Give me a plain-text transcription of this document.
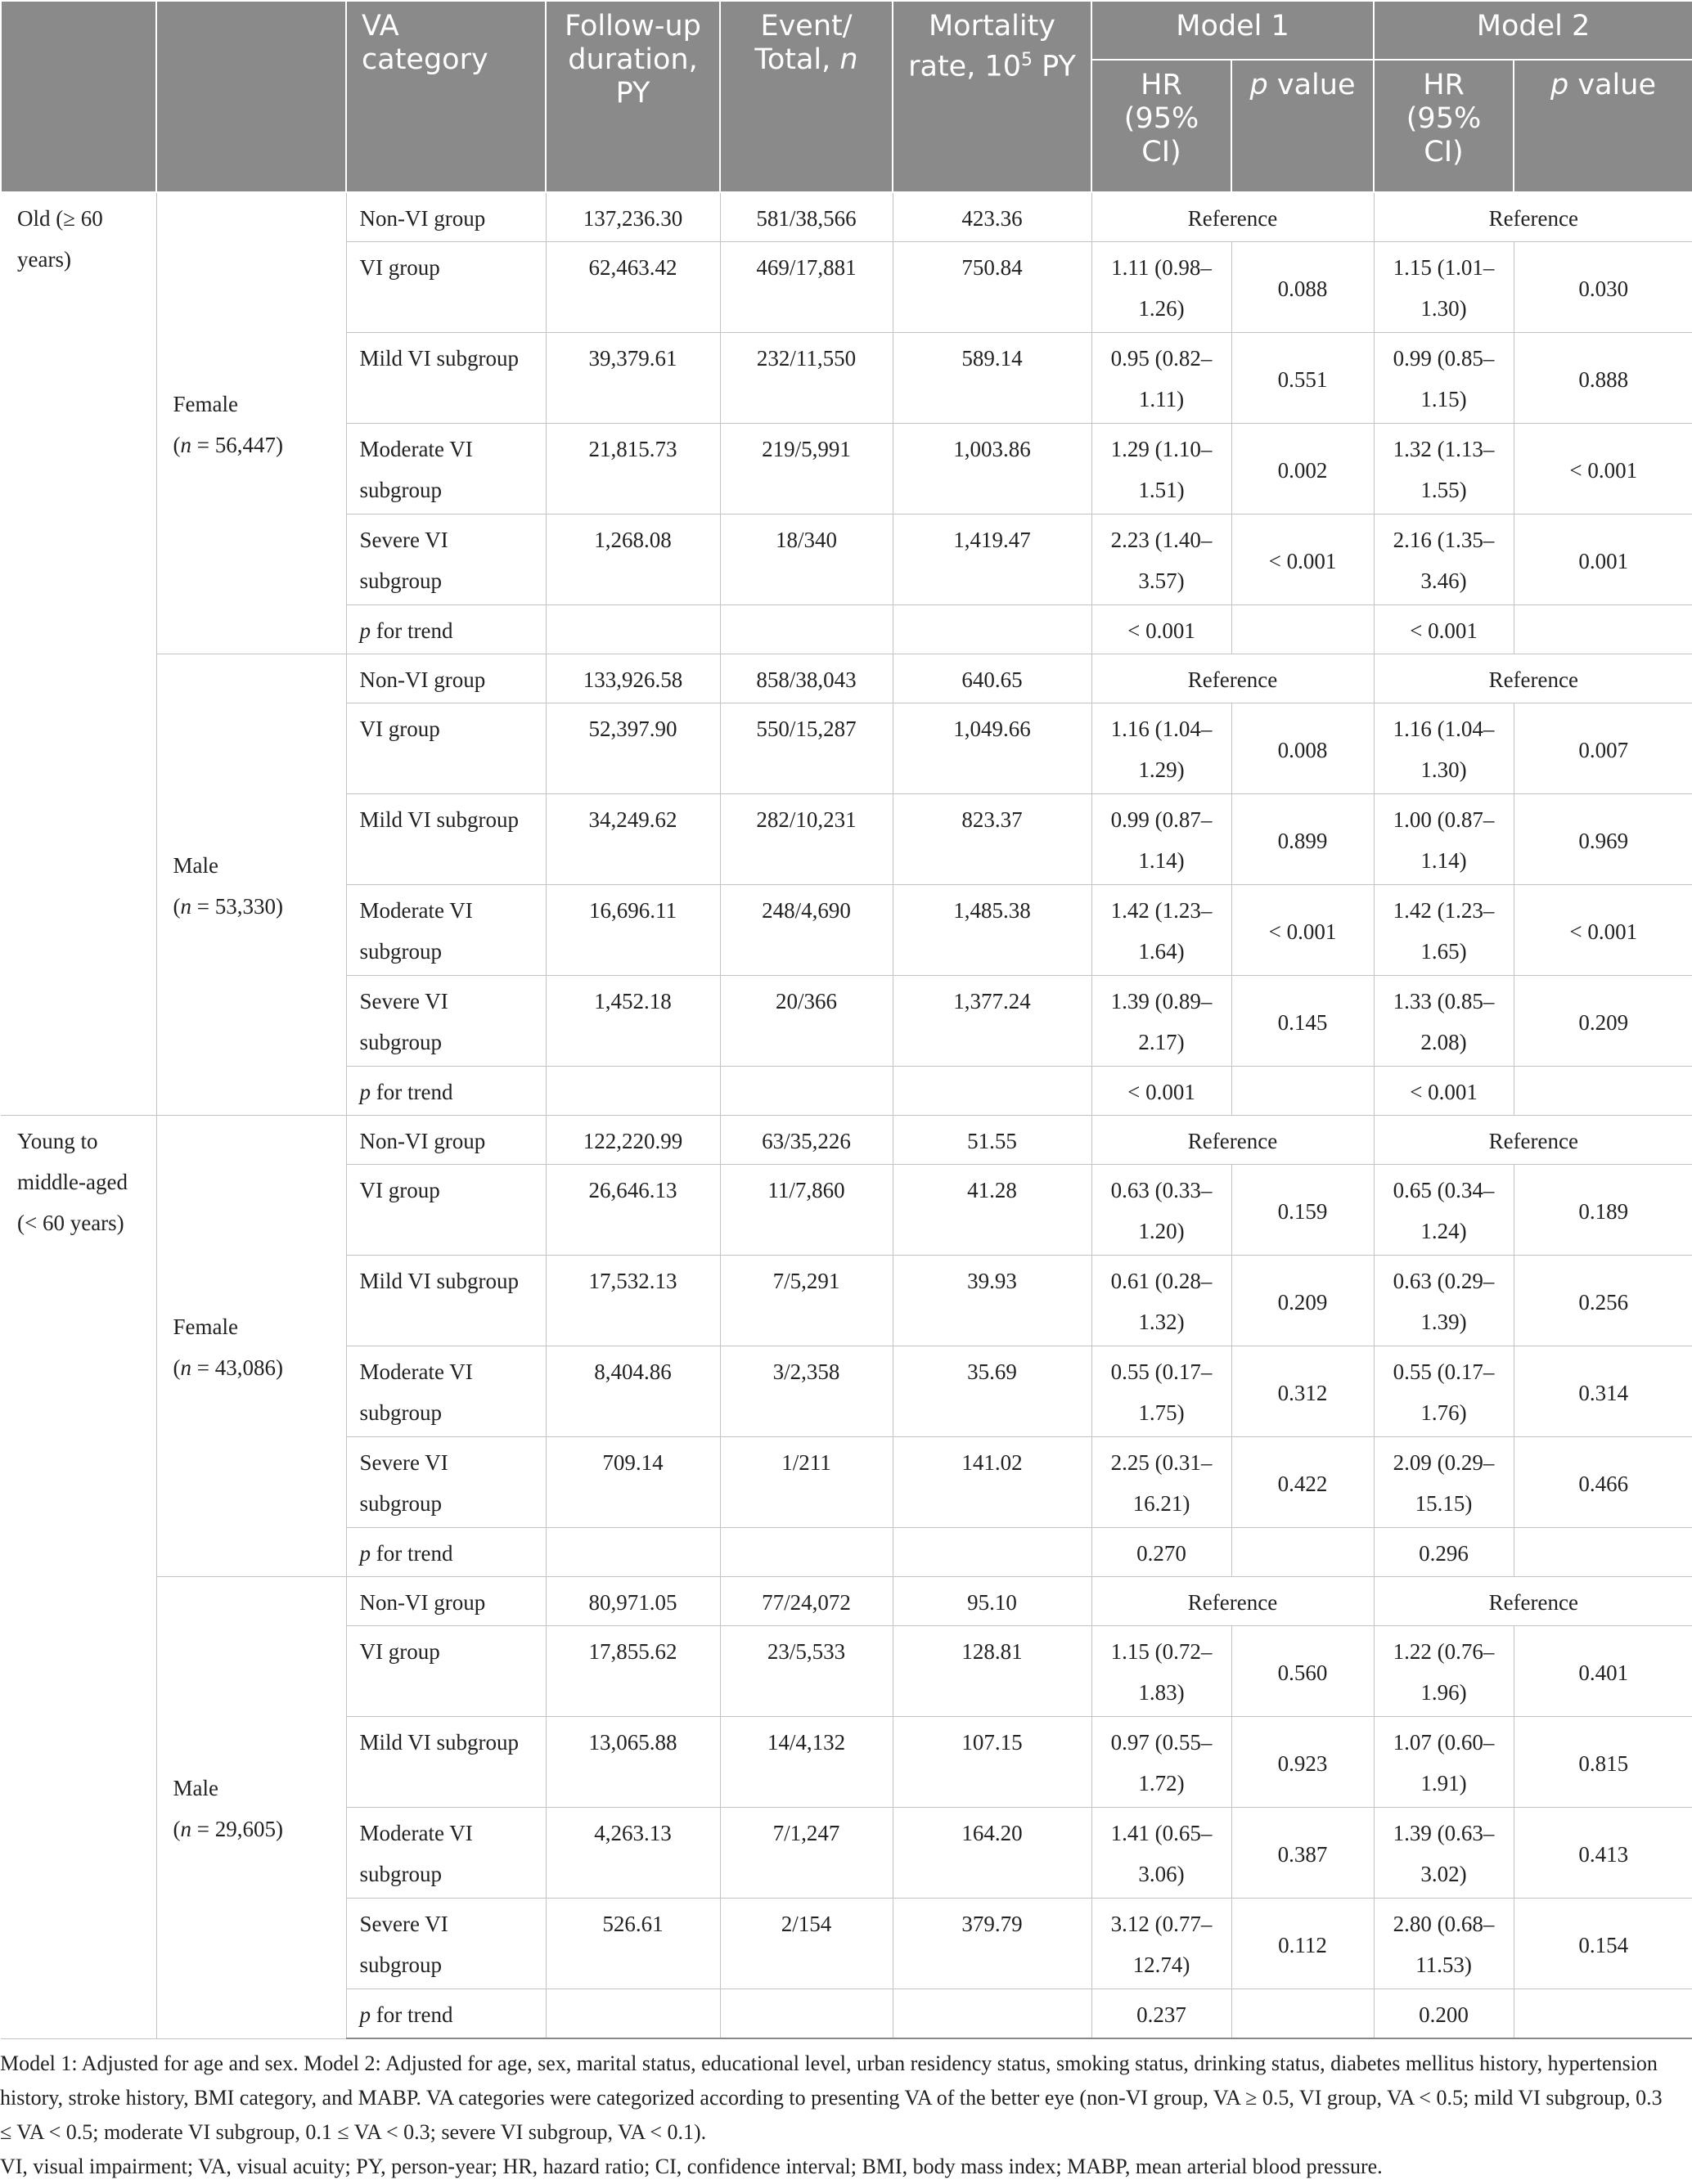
		VA category	Follow-up duration, PY	Event/ Total, n	Mortality rate, $10^5$ PY	Model 1		Model 2	
						HR (95% CI)	p value	HR (95% CI)	p value
Old (≥ 60 years)	Female
(n = 56,447)	Non-VI group	137,236.30	581/38,566	423.36	Reference		Reference	
		VI group	62,463.42	469/17,881	750.84	1.11 (0.98– 1.26)	0.088	1.15 (1.01– 1.30)	0.030
		Mild VI subgroup	39,379.61	232/11,550	589.14	0.95 (0.82– 1.11)	0.551	0.99 (0.85– 1.15)	0.888
		Moderate VI subgroup	21,815.73	219/5,991	1,003.86	1.29 (1.10– 1.51)	0.002	1.32 (1.13– 1.55)	< 0.001
		Severe VI subgroup	1,268.08	18/340	1,419.47	2.23 (1.40– 3.57)	< 0.001	2.16 (1.35– 3.46)	0.001
		p for trend				< 0.001		< 0.001	
	Male
(n = 53,330)	Non-VI group	133,926.58	858/38,043	640.65	Reference		Reference	
		VI group	52,397.90	550/15,287	1,049.66	1.16 (1.04– 1.29)	0.008	1.16 (1.04– 1.30)	0.007
		Mild VI subgroup	34,249.62	282/10,231	823.37	0.99 (0.87– 1.14)	0.899	1.00 (0.87– 1.14)	0.969
		Moderate VI subgroup	16,696.11	248/4,690	1,485.38	1.42 (1.23– 1.64)	< 0.001	1.42 (1.23– 1.65)	< 0.001
		Severe VI subgroup	1,452.18	20/366	1,377.24	1.39 (0.89– 2.17)	0.145	1.33 (0.85– 2.08)	0.209
		p for trend				< 0.001		< 0.001	
Young to middle-aged (< 60 years)	Female
(n = 43,086)	Non-VI group	122,220.99	63/35,226	51.55	Reference		Reference	
		VI group	26,646.13	11/7,860	41.28	0.63 (0.33– 1.20)	0.159	0.65 (0.34– 1.24)	0.189
		Mild VI subgroup	17,532.13	7/5,291	39.93	0.61 (0.28– 1.32)	0.209	0.63 (0.29– 1.39)	0.256
		Moderate VI subgroup	8,404.86	3/2,358	35.69	0.55 (0.17– 1.75)	0.312	0.55 (0.17– 1.76)	0.314
		Severe VI subgroup	709.14	1/211	141.02	2.25 (0.31– 16.21)	0.422	2.09 (0.29– 15.15)	0.466
		p for trend				0.270		0.296	
	Male
(n = 29,605)	Non-VI group	80,971.05	77/24,072	95.10	Reference		Reference	
		VI group	17,855.62	23/5,533	128.81	1.15 (0.72– 1.83)	0.560	1.22 (0.76– 1.96)	0.401
		Mild VI subgroup	13,065.88	14/4,132	107.15	0.97 (0.55– 1.72)	0.923	1.07 (0.60– 1.91)	0.815
		Moderate VI subgroup	4,263.13	7/1,247	164.20	1.41 (0.65– 3.06)	0.387	1.39 (0.63– 3.02)	0.413
		Severe VI subgroup	526.61	2/154	379.79	3.12 (0.77– 12.74)	0.112	2.80 (0.68– 11.53)	0.154
		p for trend				0.237		0.200	

Model 1: Adjusted for age and sex. Model 2: Adjusted for age, sex, marital status, educational level, urban residency status, smoking status, drinking status, diabetes mellitus history, hypertension history, stroke history, BMI category, and MABP. VA categories were categorized according to presenting VA of the better eye (non-VI group, VA ≥ 0.5, VI group, VA < 0.5; mild VI subgroup, 0.3 ≤ VA < 0.5; moderate VI subgroup, 0.1 ≤ VA < 0.3; severe VI subgroup, VA < 0.1).

VI, visual impairment; VA, visual acuity; PY, person-year; HR, hazard ratio; CI, confidence interval; BMI, body mass index; MABP, mean arterial blood pressure.
